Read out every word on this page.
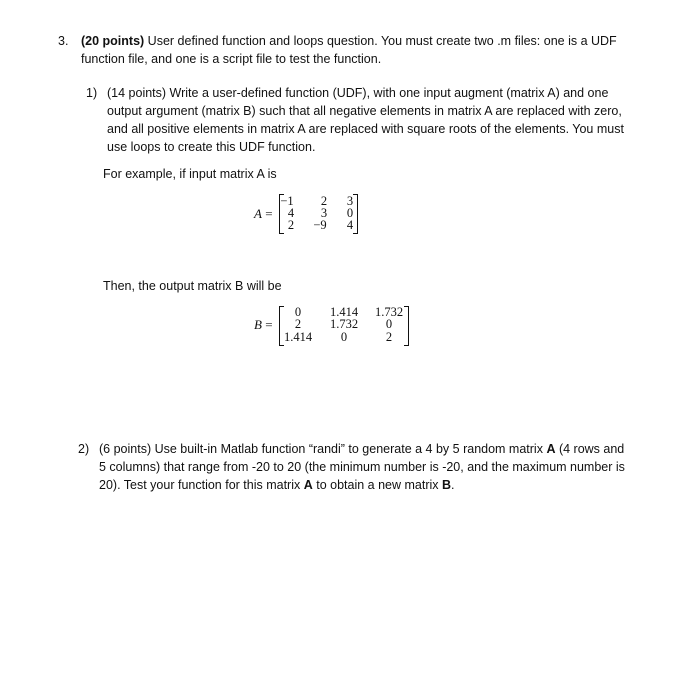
3. (20 points) User defined function and loops question. You must create two .m files: one is a UDF
function file, and one is a script file to test the function.
1) (14 points) Write a user-defined function (UDF), with one input augment (matrix A) and one
output argument (matrix B) such that all negative elements in matrix A are replaced with zero,
and all positive elements in matrix A are replaced with square roots of the elements. You must
use loops to create this UDF function.
For example, if input matrix A is
A =
−1	2	3
4	3	0
2	−9	4
Then, the output matrix B will be
B =
0	1.414	1.732
2	1.732	0
1.414	0	2
2) (6 points) Use built-in Matlab function “randi” to generate a 4 by 5 random matrix A (4 rows and
5 columns) that range from -20 to 20 (the minimum number is -20, and the maximum number is
20). Test your function for this matrix A to obtain a new matrix B.
